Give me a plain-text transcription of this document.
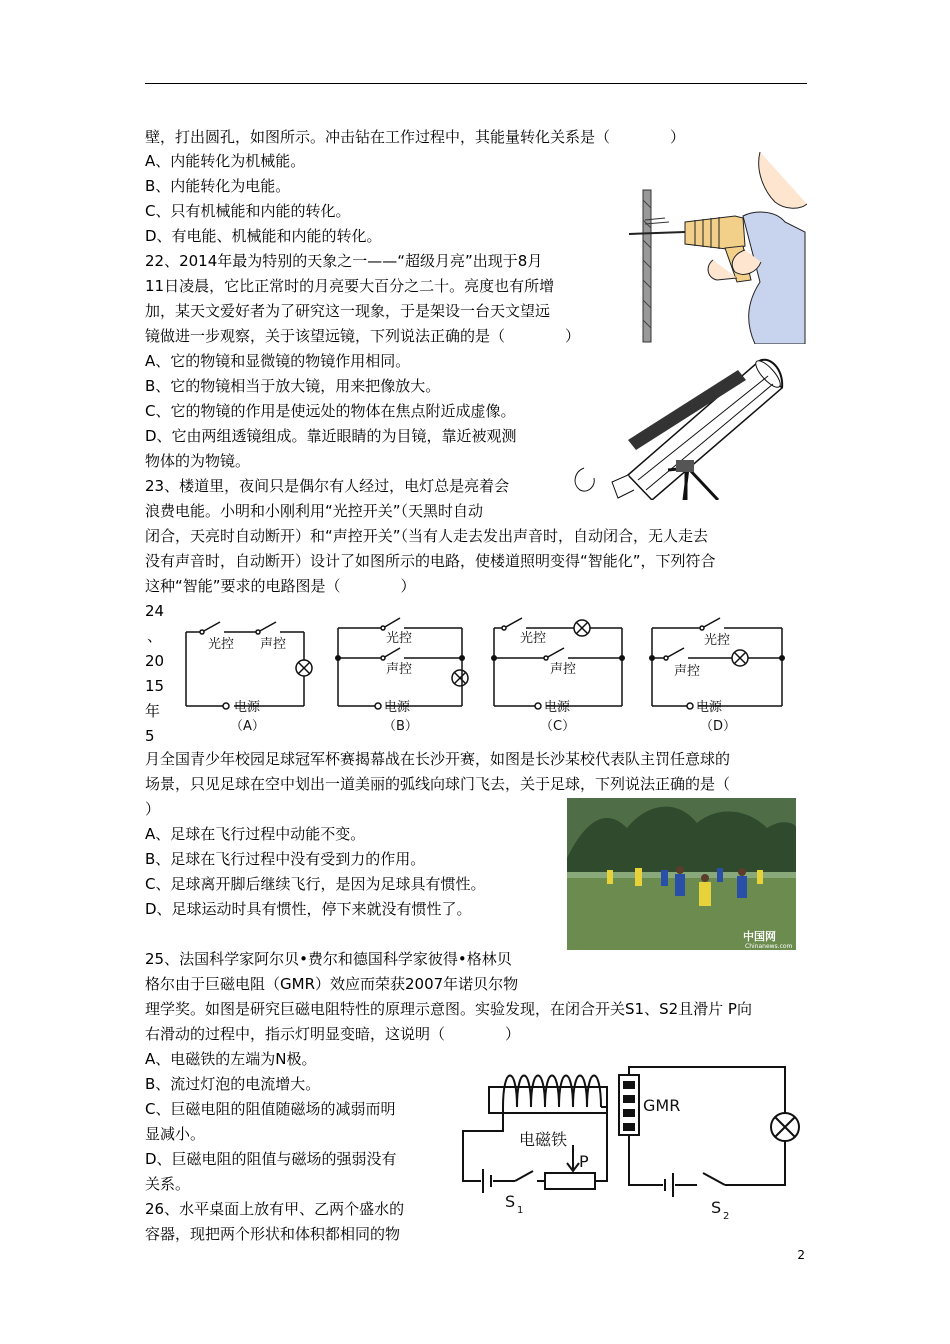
壁，打出圆孔，如图所示。冲击钻在工作过程中，其能量转化关系是（　　　　）
A、内能转化为机械能。
B、内能转化为电能。
C、只有机械能和内能的转化。
D、有电能、机械能和内能的转化。
22、2014年最为特别的天象之一——“超级月亮”出现于8月
11日凌晨，它比正常时的月亮要大百分之二十。亮度也有所增
加，某天文爱好者为了研究这一现象，于是架设一台天文望远
镜做进一步观察，关于该望远镜，下列说法正确的是（　　　　）
A、它的物镜和显微镜的物镜作用相同。
B、它的物镜相当于放大镜，用来把像放大。
C、它的物镜的作用是使远处的物体在焦点附近成虚像。
D、它由两组透镜组成。靠近眼睛的为目镜，靠近被观测
物体的为物镜。
23、楼道里，夜间只是偶尔有人经过，电灯总是亮着会
浪费电能。小明和小刚利用“光控开关”（天黑时自动
闭合，天亮时自动断开）和“声控开关”（当有人走去发出声音时，自动闭合，无人走去
没有声音时，自动断开）设计了如图所示的电路，使楼道照明变得“智能化”，下列符合
这种“智能”要求的电路图是（　　　　）
24
、
20
15
年
5
光控 声控
电源
（A）
光控
声控
电源
（B）
光控
声控
电源
（C）
光控
声控
电源
（D）
月全国青少年校园足球冠军杯赛揭幕战在长沙开赛，如图是长沙某校代表队主罚任意球的
场景，只见足球在空中划出一道美丽的弧线向球门飞去，关于足球，下列说法正确的是（
）
A、足球在飞行过程中动能不变。
B、足球在飞行过程中没有受到力的作用。
C、足球离开脚后继续飞行，是因为足球具有惯性。
D、足球运动时具有惯性，停下来就没有惯性了。
中国网
Chinanews.com
25、法国科学家阿尔贝•费尔和德国科学家彼得•格林贝
格尔由于巨磁电阻（GMR）效应而荣获2007年诺贝尔物
理学奖。如图是研究巨磁电阻特性的原理示意图。实验发现，在闭合开关S1、S2且滑片 P向
右滑动的过程中，指示灯明显变暗，这说明（　　　　）
A、电磁铁的左端为N极。
B、流过灯泡的电流增大。
C、巨磁电阻的阻值随磁场的减弱而明
显减小。
D、巨磁电阻的阻值与磁场的强弱没有
关系。
GMR
电磁铁
P
S 1	S 2
26、水平桌面上放有甲、乙两个盛水的
容器，现把两个形状和体积都相同的物
2
